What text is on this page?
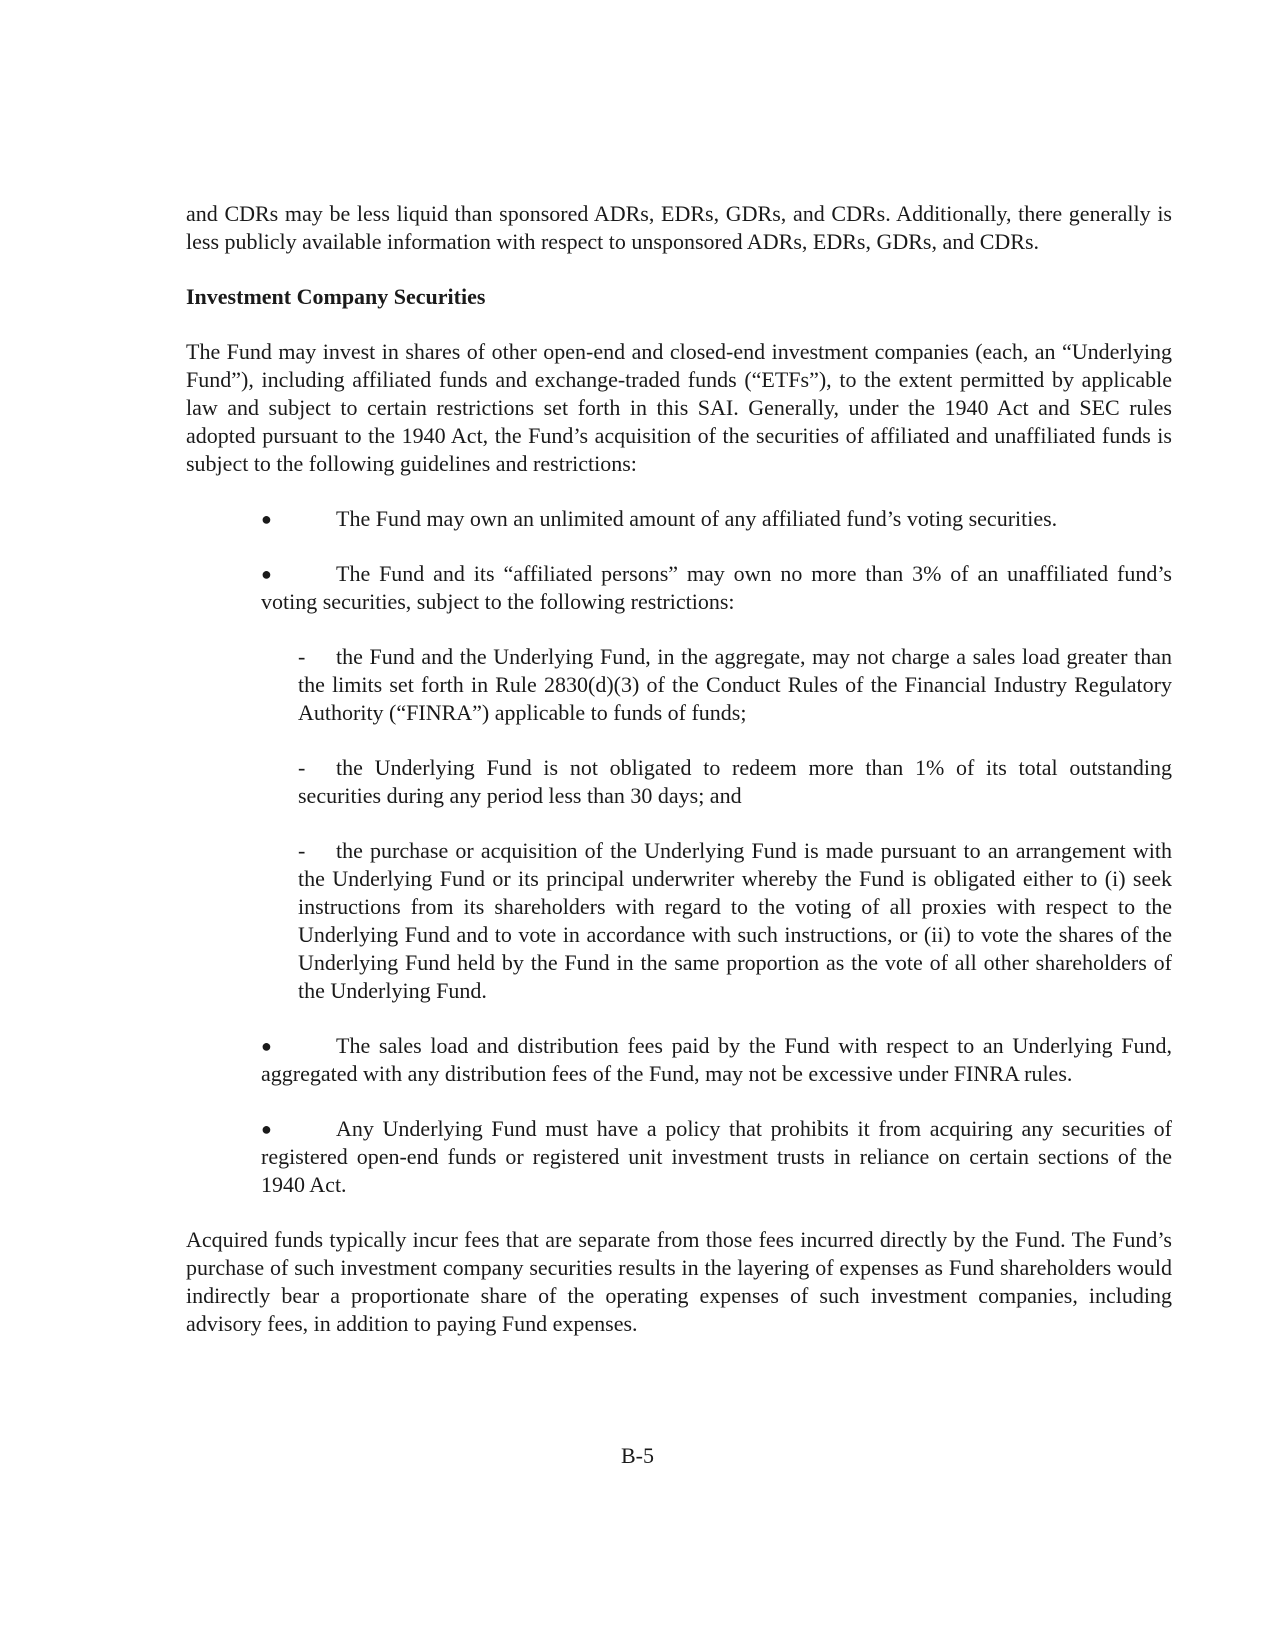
and CDRs may be less liquid than sponsored ADRs, EDRs, GDRs, and CDRs. Additionally, there generally is less publicly available information with respect to unsponsored ADRs, EDRs, GDRs, and CDRs.

Investment Company Securities

The Fund may invest in shares of other open-end and closed-end investment companies (each, an “Underlying Fund”), including affiliated funds and exchange-traded funds (“ETFs”), to the extent permitted by applicable law and subject to certain restrictions set forth in this SAI. Generally, under the 1940 Act and SEC rules adopted pursuant to the 1940 Act, the Fund’s acquisition of the securities of affiliated and unaffiliated funds is subject to the following guidelines and restrictions:

●	The Fund may own an unlimited amount of any affiliated fund’s voting securities.
●	The Fund and its “affiliated persons” may own no more than 3% of an unaffiliated fund’s voting securities, subject to the following restrictions:
- the Fund and the Underlying Fund, in the aggregate, may not charge a sales load greater than the limits set forth in Rule 2830(d)(3) of the Conduct Rules of the Financial Industry Regulatory Authority (“FINRA”) applicable to funds of funds;
- the Underlying Fund is not obligated to redeem more than 1% of its total outstanding securities during any period less than 30 days; and
- the purchase or acquisition of the Underlying Fund is made pursuant to an arrangement with the Underlying Fund or its principal underwriter whereby the Fund is obligated either to (i) seek instructions from its shareholders with regard to the voting of all proxies with respect to the Underlying Fund and to vote in accordance with such instructions, or (ii) to vote the shares of the Underlying Fund held by the Fund in the same proportion as the vote of all other shareholders of the Underlying Fund.
●	The sales load and distribution fees paid by the Fund with respect to an Underlying Fund, aggregated with any distribution fees of the Fund, may not be excessive under FINRA rules.
●	Any Underlying Fund must have a policy that prohibits it from acquiring any securities of registered open-end funds or registered unit investment trusts in reliance on certain sections of the 1940 Act.

Acquired funds typically incur fees that are separate from those fees incurred directly by the Fund. The Fund’s purchase of such investment company securities results in the layering of expenses as Fund shareholders would indirectly bear a proportionate share of the operating expenses of such investment companies, including advisory fees, in addition to paying Fund expenses.

B-5
